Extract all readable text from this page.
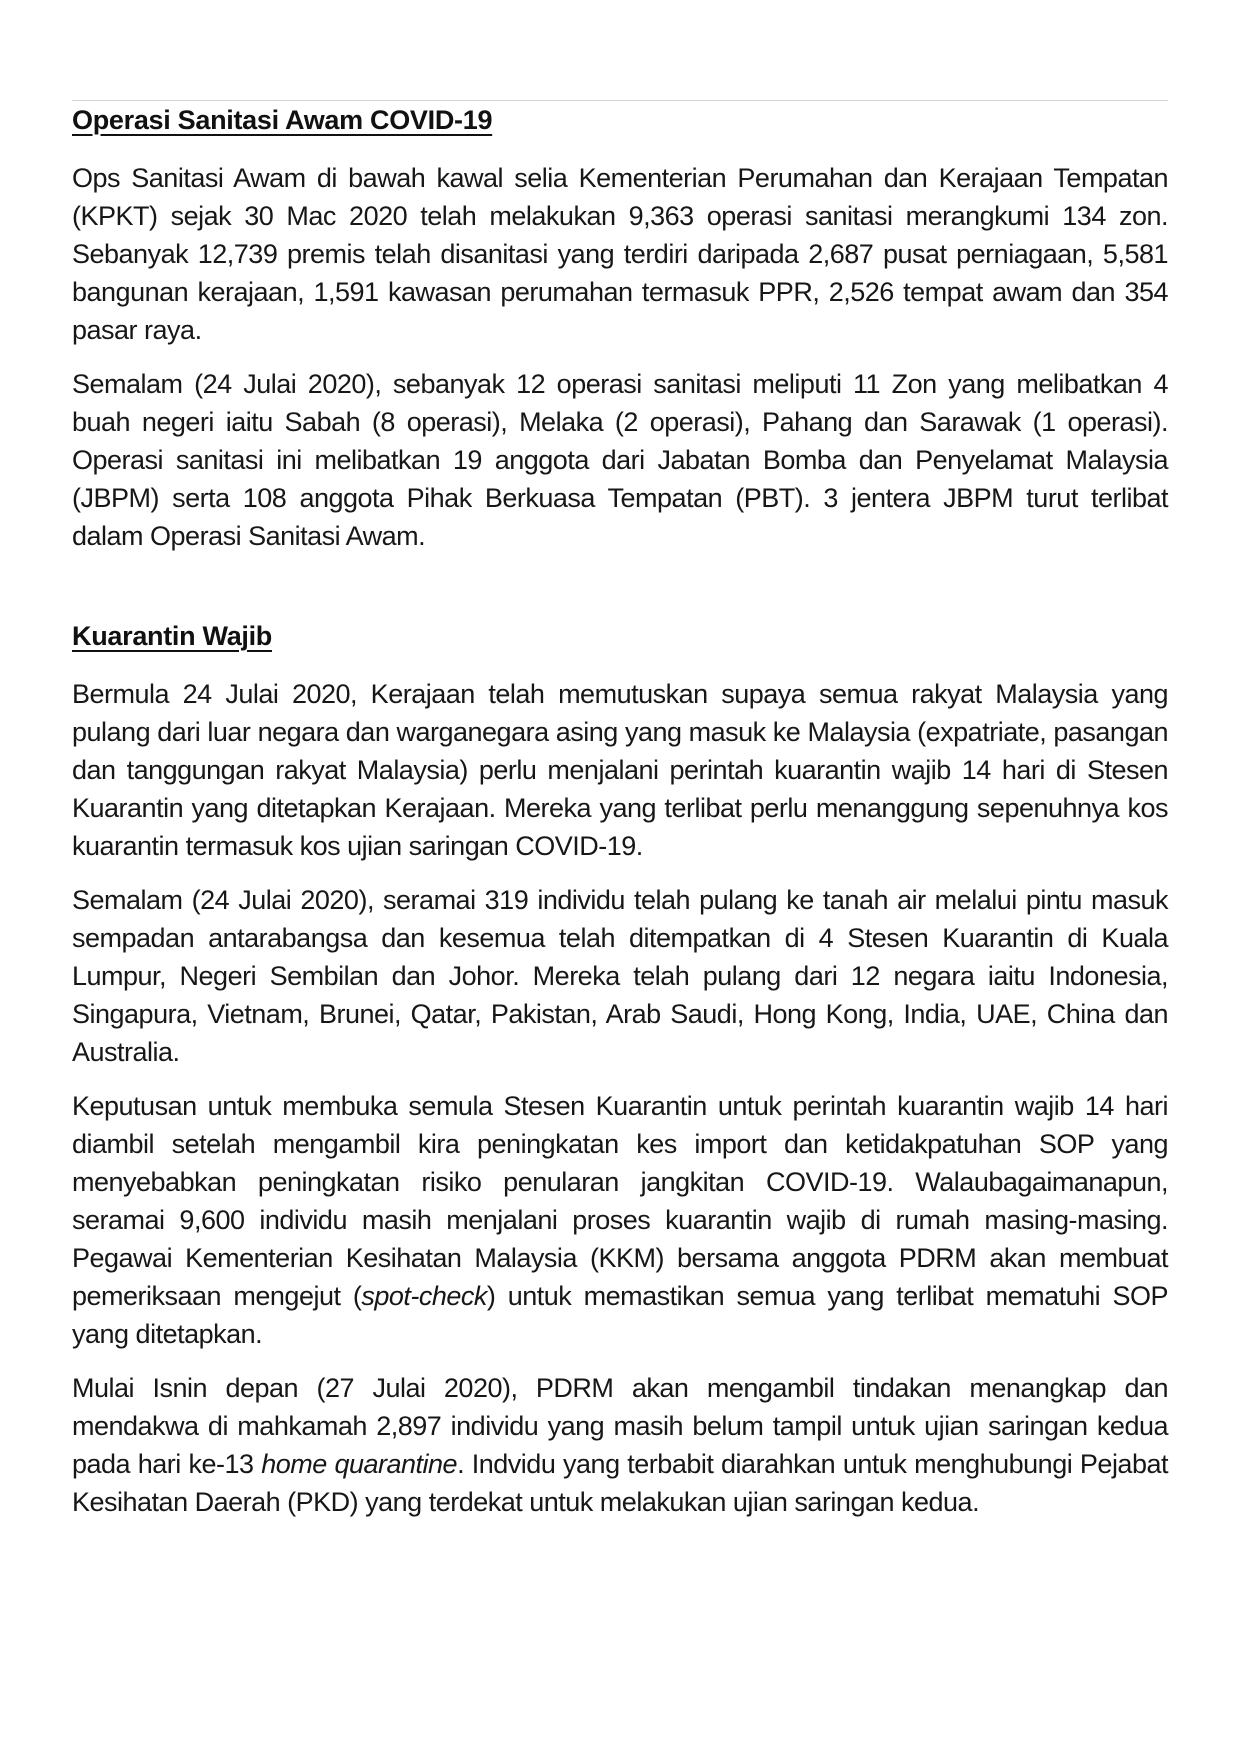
Operasi Sanitasi Awam COVID-19

Ops Sanitasi Awam di bawah kawal selia Kementerian Perumahan dan Kerajaan Tempatan (KPKT) sejak 30 Mac 2020 telah melakukan 9,363 operasi sanitasi merangkumi 134 zon. Sebanyak 12,739 premis telah disanitasi yang terdiri daripada 2,687 pusat perniagaan, 5,581 bangunan kerajaan, 1,591 kawasan perumahan termasuk PPR, 2,526 tempat awam dan 354 pasar raya.

Semalam (24 Julai 2020), sebanyak 12 operasi sanitasi meliputi 11 Zon yang melibatkan 4 buah negeri iaitu Sabah (8 operasi), Melaka (2 operasi), Pahang dan Sarawak (1 operasi). Operasi sanitasi ini melibatkan 19 anggota dari Jabatan Bomba dan Penyelamat Malaysia (JBPM) serta 108 anggota Pihak Berkuasa Tempatan (PBT). 3 jentera JBPM turut terlibat dalam Operasi Sanitasi Awam.

Kuarantin Wajib

Bermula 24 Julai 2020, Kerajaan telah memutuskan supaya semua rakyat Malaysia yang pulang dari luar negara dan warganegara asing yang masuk ke Malaysia (expatriate, pasangan dan tanggungan rakyat Malaysia) perlu menjalani perintah kuarantin wajib 14 hari di Stesen Kuarantin yang ditetapkan Kerajaan. Mereka yang terlibat perlu menanggung sepenuhnya kos kuarantin termasuk kos ujian saringan COVID-19.

Semalam (24 Julai 2020), seramai 319 individu telah pulang ke tanah air melalui pintu masuk sempadan antarabangsa dan kesemua telah ditempatkan di 4 Stesen Kuarantin di Kuala Lumpur, Negeri Sembilan dan Johor. Mereka telah pulang dari 12 negara iaitu Indonesia, Singapura, Vietnam, Brunei, Qatar, Pakistan, Arab Saudi, Hong Kong, India, UAE, China dan Australia.

Keputusan untuk membuka semula Stesen Kuarantin untuk perintah kuarantin wajib 14 hari diambil setelah mengambil kira peningkatan kes import dan ketidakpatuhan SOP yang menyebabkan peningkatan risiko penularan jangkitan COVID-19. Walaubagaimanapun, seramai 9,600 individu masih menjalani proses kuarantin wajib di rumah masing-masing. Pegawai Kementerian Kesihatan Malaysia (KKM) bersama anggota PDRM akan membuat pemeriksaan mengejut (spot-check) untuk memastikan semua yang terlibat mematuhi SOP yang ditetapkan.

Mulai Isnin depan (27 Julai 2020), PDRM akan mengambil tindakan menangkap dan mendakwa di mahkamah 2,897 individu yang masih belum tampil untuk ujian saringan kedua pada hari ke-13 home quarantine. Indvidu yang terbabit diarahkan untuk menghubungi Pejabat Kesihatan Daerah (PKD) yang terdekat untuk melakukan ujian saringan kedua.
